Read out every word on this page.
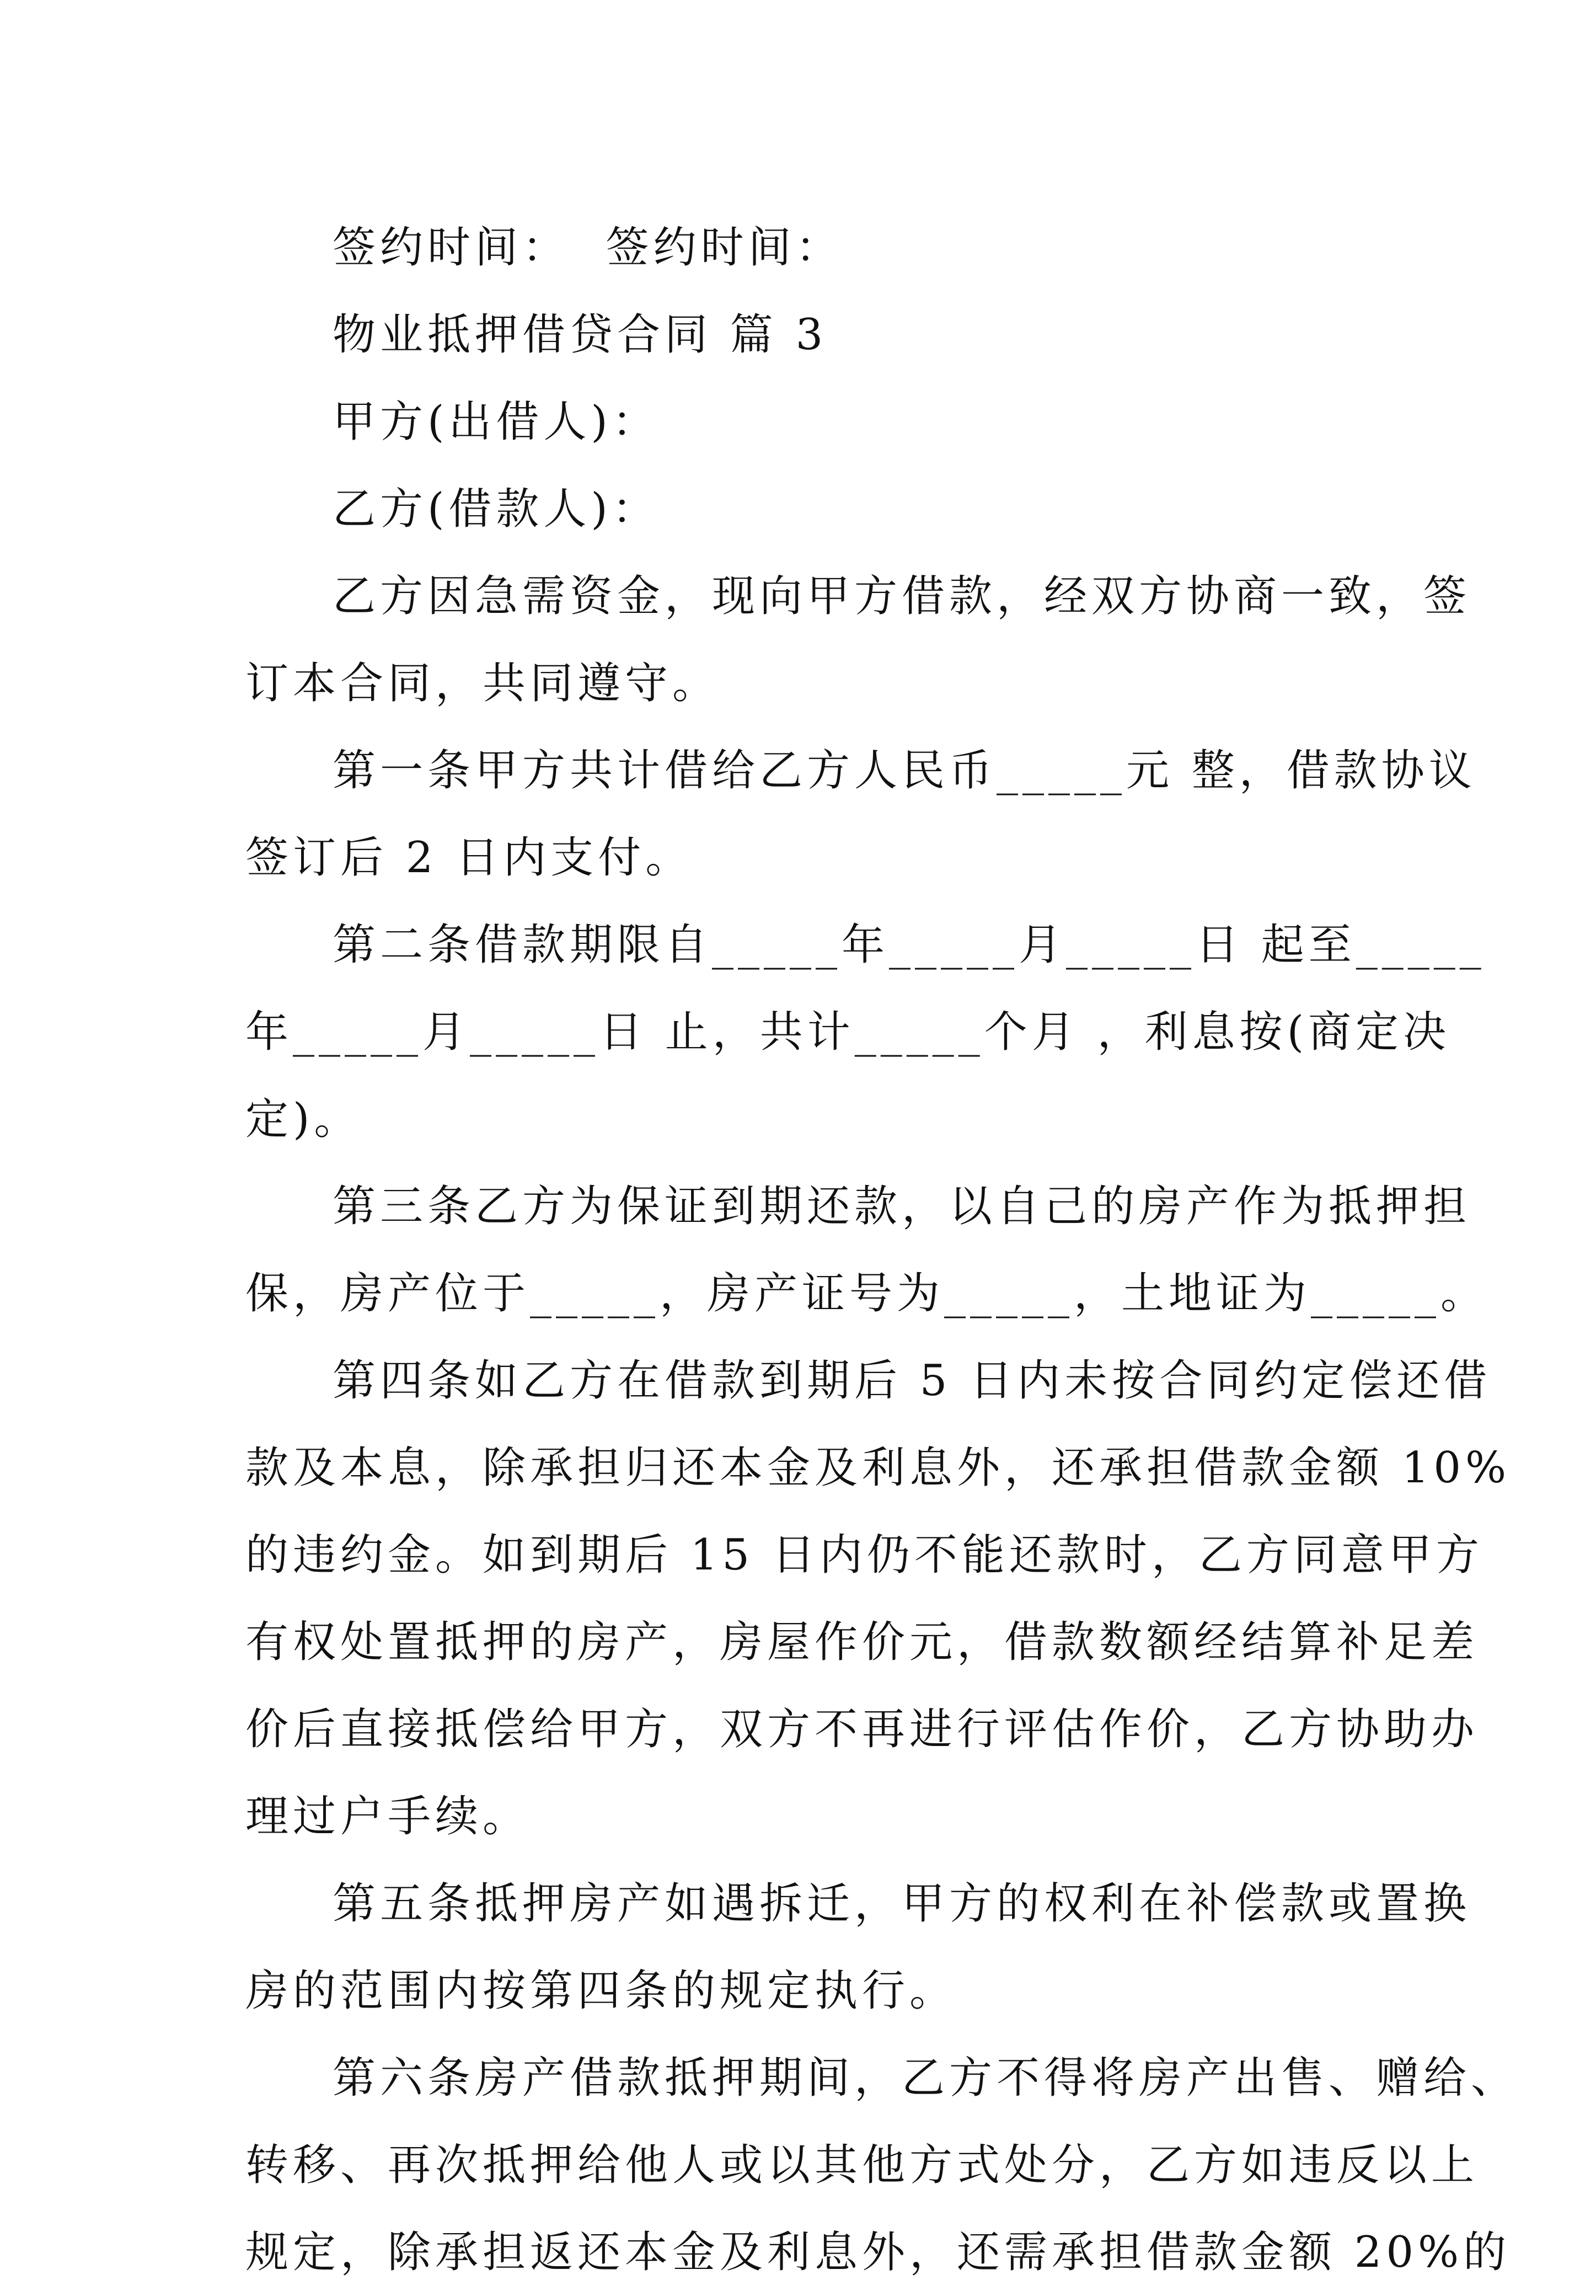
签约时间：  签约时间：
物业抵押借贷合同 篇 3
甲方(出借人)：
乙方(借款人)：
乙方因急需资金，现向甲方借款，经双方协商一致，签
订本合同，共同遵守。
第一条甲方共计借给乙方人民币_____元 整，借款协议
签订后 2 日内支付。
第二条借款期限自_____年_____月_____日 起至_____
年_____月_____日 止，共计_____个月 ，利息按(商定决
定)。
第三条乙方为保证到期还款，以自己的房产作为抵押担
保，房产位于_____，房产证号为_____，土地证为_____。
第四条如乙方在借款到期后 5 日内未按合同约定偿还借
款及本息，除承担归还本金及利息外，还承担借款金额 10%
的违约金。如到期后 15 日内仍不能还款时，乙方同意甲方
有权处置抵押的房产，房屋作价元，借款数额经结算补足差
价后直接抵偿给甲方，双方不再进行评估作价，乙方协助办
理过户手续。
第五条抵押房产如遇拆迁，甲方的权利在补偿款或置换
房的范围内按第四条的规定执行。
第六条房产借款抵押期间，乙方不得将房产出售、赠给、
转移、再次抵押给他人或以其他方式处分，乙方如违反以上
规定，除承担返还本金及利息外，还需承担借款金额 20%的
